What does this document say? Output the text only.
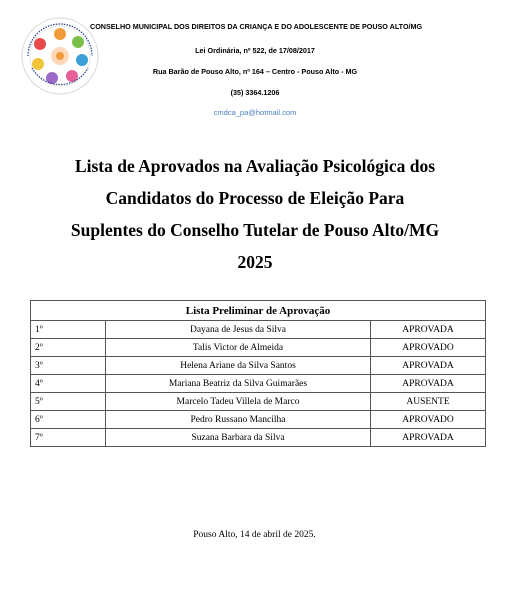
CONSELHO MUNICIPAL DOS DIREITOS DA CRIANÇA E DO ADOLESCENTE DE POUSO ALTO/MG
Lei Ordinária, nº 522, de 17/08/2017
Rua Barão de Pouso Alto, nº 164 – Centro - Pouso Alto - MG
(35) 3364.1206
cmdca_pa@hotmail.com
Lista de Aprovados na Avaliação Psicológica dos
Candidatos do Processo de Eleição Para
Suplentes do Conselho Tutelar de Pouso Alto/MG
2025
Lista Preliminar de Aprovação		
1º	Dayana de Jesus da Silva	APROVADA
2º	Talis Victor de Almeida	APROVADO
3º	Helena Ariane da Silva Santos	APROVADA
4º	Mariana Beatriz da Silva Guimarães	APROVADA
5º	Marcelo Tadeu Villela de Marco	AUSENTE
6º	Pedro Russano Mancilha	APROVADO
7º	Suzana Barbara da Silva	APROVADA
Pouso Alto, 14 de abril de 2025.
